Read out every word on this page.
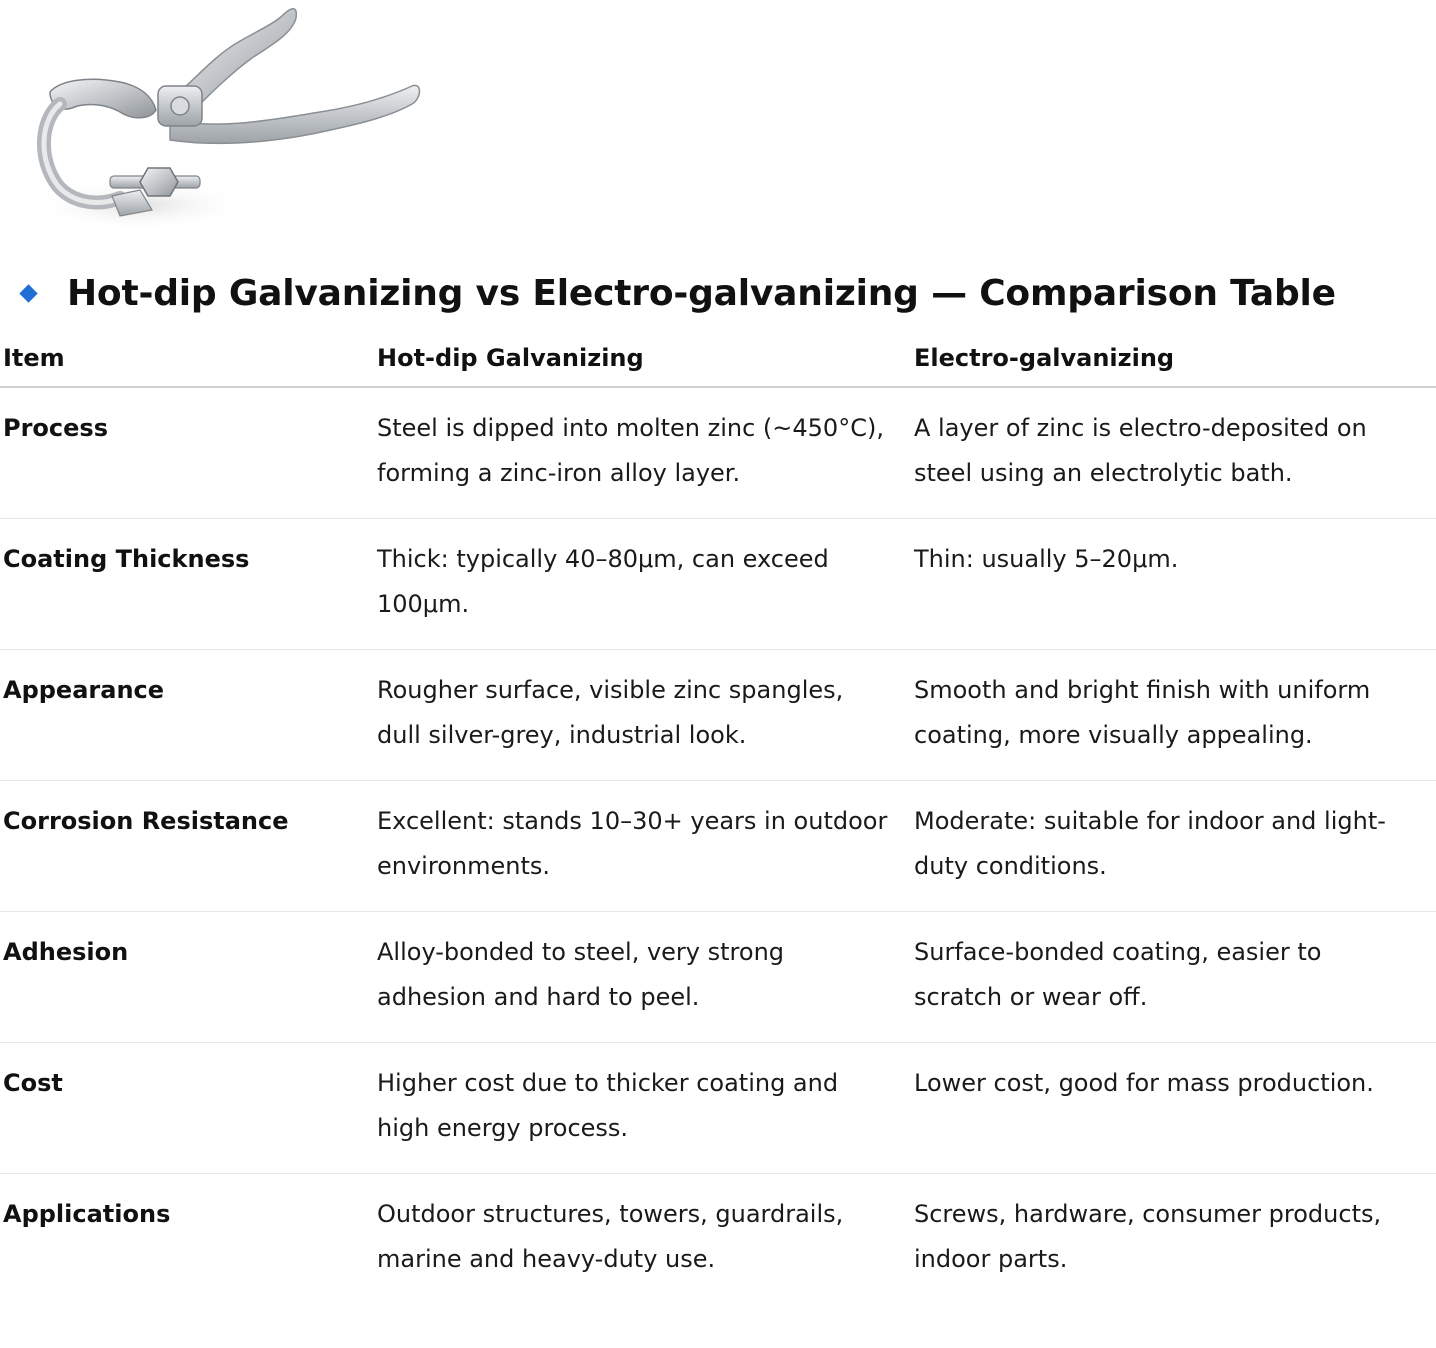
Hot-dip Galvanizing vs Electro-galvanizing — Comparison Table
Item	Hot-dip Galvanizing	Electro-galvanizing
Process	Steel is dipped into molten zinc (~450°C), forming a zinc-iron alloy layer.	A layer of zinc is electro-deposited on steel using an electrolytic bath.
Coating Thickness	Thick: typically 40–80μm, can exceed 100μm.	Thin: usually 5–20μm.
Appearance	Rougher surface, visible zinc spangles, dull silver-grey, industrial look.	Smooth and bright finish with uniform coating, more visually appealing.
Corrosion Resistance	Excellent: stands 10–30+ years in outdoor environments.	Moderate: suitable for indoor and light-duty conditions.
Adhesion	Alloy-bonded to steel, very strong adhesion and hard to peel.	Surface-bonded coating, easier to scratch or wear off.
Cost	Higher cost due to thicker coating and high energy process.	Lower cost, good for mass production.
Applications	Outdoor structures, towers, guardrails, marine and heavy-duty use.	Screws, hardware, consumer products, indoor parts.
